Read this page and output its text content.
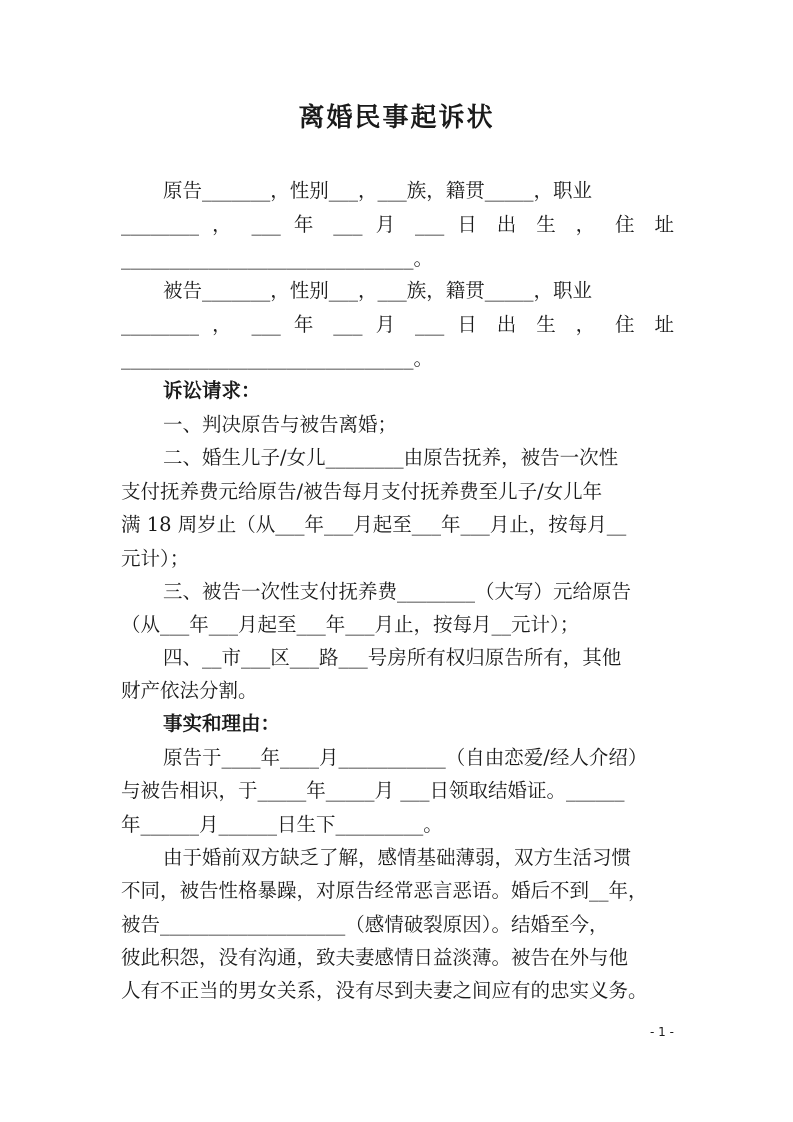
离婚民事起诉状
原告_______，性别___，___族，籍贯_____，职业
________ ， ___ 年 ___ 月 ___ 日 出 生 ， 住 址
______________________________。
被告_______，性别___，___族，籍贯_____，职业
________ ， ___ 年 ___ 月 ___ 日 出 生 ， 住 址
______________________________。
诉讼请求：
一、判决原告与被告离婚；
二、婚生儿子/女儿________由原告抚养，被告一次性
支付抚养费元给原告/被告每月支付抚养费至儿子/女儿年
满 18 周岁止（从___年___月起至___年___月止，按每月__
元计）；
三、被告一次性支付抚养费________（大写）元给原告
（从___年___月起至___年___月止，按每月__元计）；
四、__市___区___路___号房所有权归原告所有，其他
财产依法分割。
事实和理由：
原告于____年____月___________（自由恋爱/经人介绍）
与被告相识，于_____年_____月 ___日领取结婚证。______
年______月______日生下_________。
由于婚前双方缺乏了解，感情基础薄弱，双方生活习惯
不同，被告性格暴躁，对原告经常恶言恶语。婚后不到__年，
被告___________________（感情破裂原因）。结婚至今，
彼此积怨，没有沟通，致夫妻感情日益淡薄。被告在外与他
人有不正当的男女关系，没有尽到夫妻之间应有的忠实义务。
- 1 -
